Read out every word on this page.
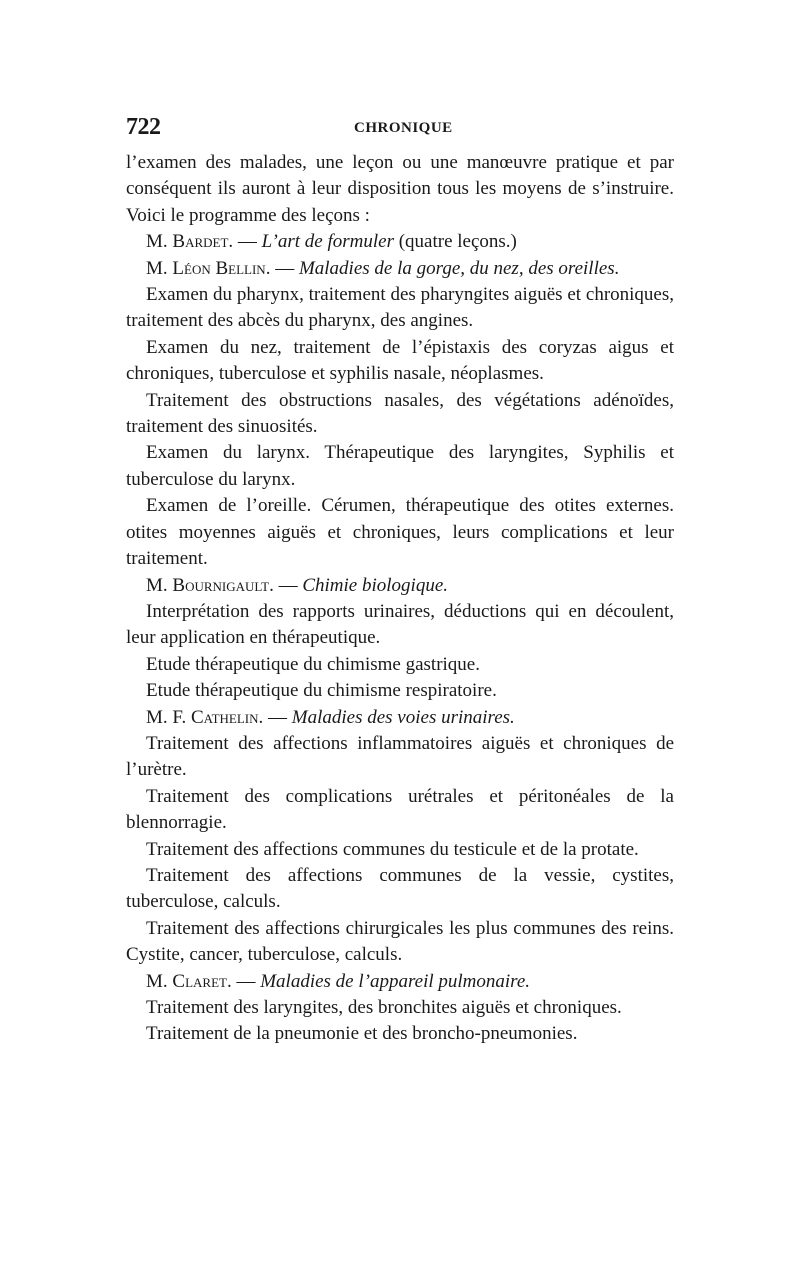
722	CHRONIQUE

l’examen des malades, une leçon ou une manœuvre pratique et par conséquent ils auront à leur disposition tous les moyens de s’instruire. Voici le programme des leçons :

M. Bardet. — L’art de formuler (quatre leçons.)

M. Léon Bellin. — Maladies de la gorge, du nez, des oreilles.

Examen du pharynx, traitement des pharyngites aiguës et chroniques, traitement des abcès du pharynx, des angines.

Examen du nez, traitement de l’épistaxis des coryzas aigus et chroniques, tuberculose et syphilis nasale, néoplasmes.

Traitement des obstructions nasales, des végétations adénoïdes, traitement des sinuosités.

Examen du larynx. Thérapeutique des laryngites, Syphilis et tuberculose du larynx.

Examen de l’oreille. Cérumen, thérapeutique des otites externes. otites moyennes aiguës et chroniques, leurs complications et leur traitement.

M. Bournigault. — Chimie biologique.

Interprétation des rapports urinaires, déductions qui en découlent, leur application en thérapeutique.

Etude thérapeutique du chimisme gastrique.

Etude thérapeutique du chimisme respiratoire.

M. F. Cathelin. — Maladies des voies urinaires.

Traitement des affections inflammatoires aiguës et chroniques de l’urètre.

Traitement des complications urétrales et péritonéales de la blennorragie.

Traitement des affections communes du testicule et de la protate.

Traitement des affections communes de la vessie, cystites, tuberculose, calculs.

Traitement des affections chirurgicales les plus communes des reins. Cystite, cancer, tuberculose, calculs.

M. Claret. — Maladies de l’appareil pulmonaire.

Traitement des laryngites, des bronchites aiguës et chroniques.

Traitement de la pneumonie et des broncho-pneumonies.
